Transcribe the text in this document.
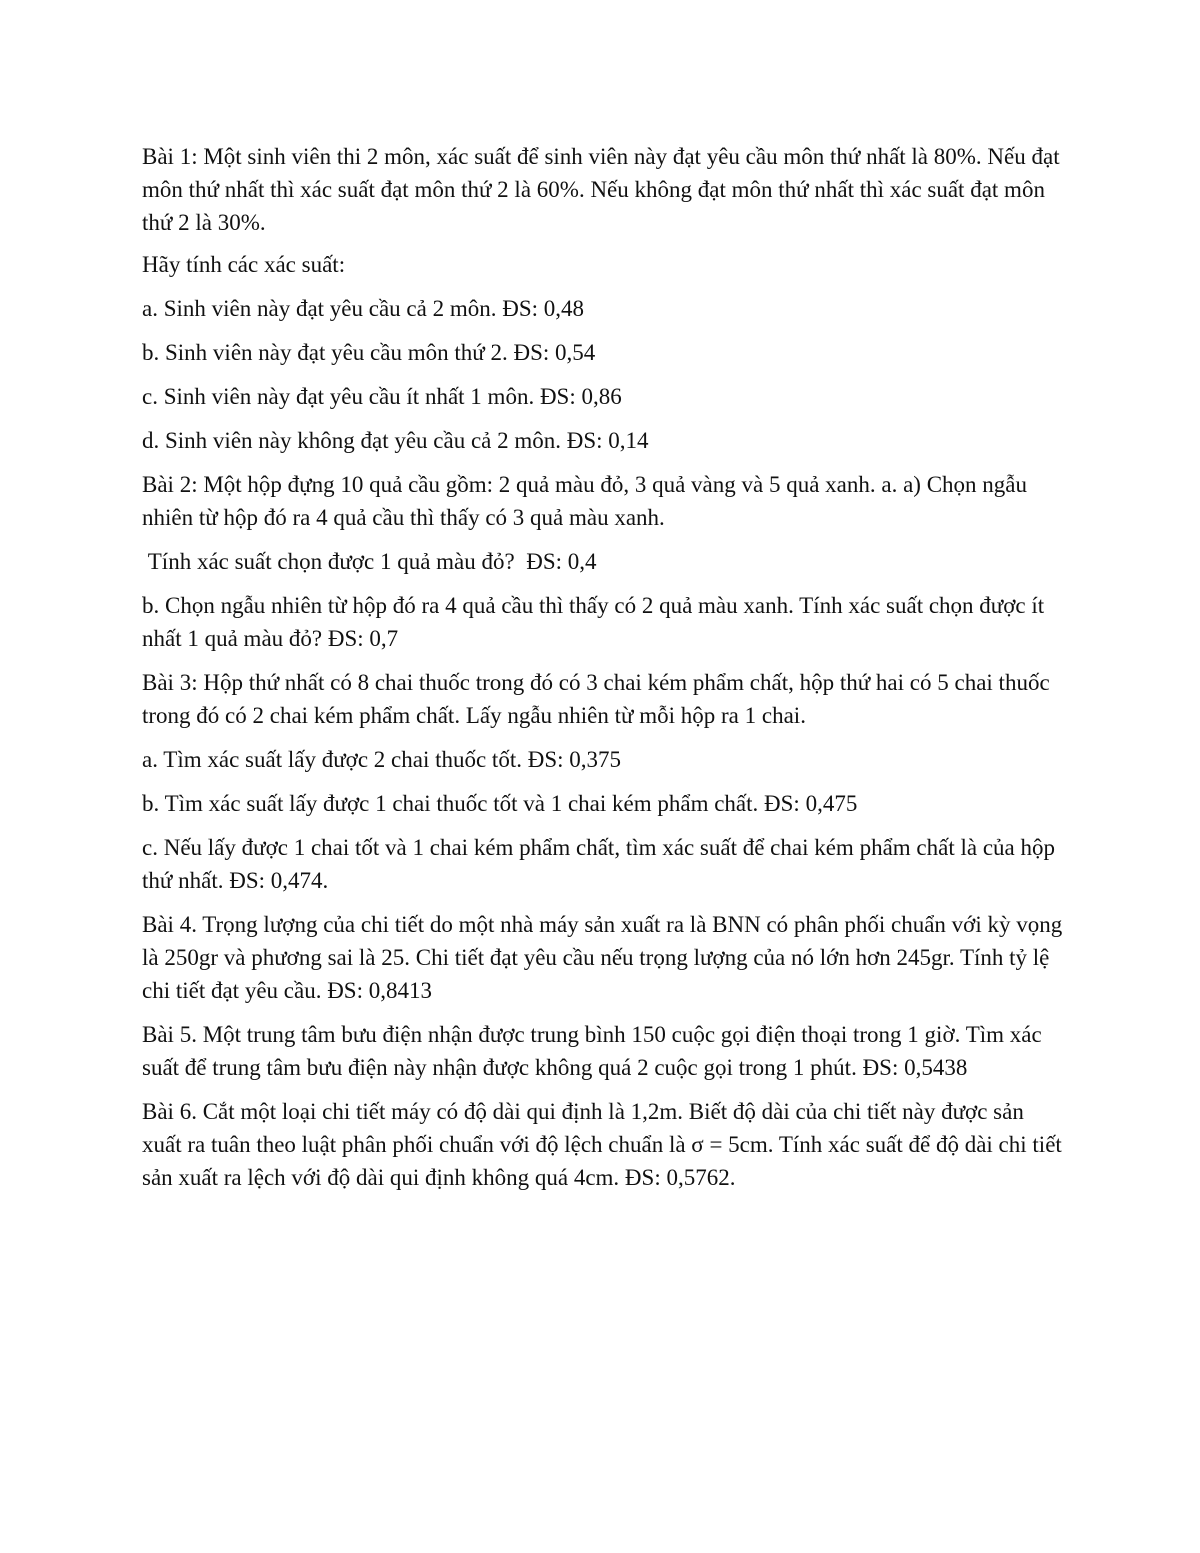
Bài 1: Một sinh viên thi 2 môn, xác suất để sinh viên này đạt yêu cầu môn thứ nhất là 80%. Nếu đạt môn thứ nhất thì xác suất đạt môn thứ 2 là 60%. Nếu không đạt môn thứ nhất thì xác suất đạt môn thứ 2 là 30%.

Hãy tính các xác suất:

a. Sinh viên này đạt yêu cầu cả 2 môn. ĐS: 0,48

b. Sinh viên này đạt yêu cầu môn thứ 2. ĐS: 0,54

c. Sinh viên này đạt yêu cầu ít nhất 1 môn. ĐS: 0,86

d. Sinh viên này không đạt yêu cầu cả 2 môn. ĐS: 0,14

Bài 2: Một hộp đựng 10 quả cầu gồm: 2 quả màu đỏ, 3 quả vàng và 5 quả xanh. a. a) Chọn ngẫu nhiên từ hộp đó ra 4 quả cầu thì thấy có 3 quả màu xanh.

Tính xác suất chọn được 1 quả màu đỏ?  ĐS: 0,4

b. Chọn ngẫu nhiên từ hộp đó ra 4 quả cầu thì thấy có 2 quả màu xanh. Tính xác suất chọn được ít nhất 1 quả màu đỏ? ĐS: 0,7

Bài 3: Hộp thứ nhất có 8 chai thuốc trong đó có 3 chai kém phẩm chất, hộp thứ hai có 5 chai thuốc trong đó có 2 chai kém phẩm chất. Lấy ngẫu nhiên từ mỗi hộp ra 1 chai.

a. Tìm xác suất lấy được 2 chai thuốc tốt. ĐS: 0,375

b. Tìm xác suất lấy được 1 chai thuốc tốt và 1 chai kém phẩm chất. ĐS: 0,475

c. Nếu lấy được 1 chai tốt và 1 chai kém phẩm chất, tìm xác suất để chai kém phẩm chất là của hộp thứ nhất. ĐS: 0,474.

Bài 4. Trọng lượng của chi tiết do một nhà máy sản xuất ra là BNN có phân phối chuẩn với kỳ vọng là 250gr và phương sai là 25. Chi tiết đạt yêu cầu nếu trọng lượng của nó lớn hơn 245gr. Tính tỷ lệ chi tiết đạt yêu cầu. ĐS: 0,8413

Bài 5. Một trung tâm bưu điện nhận được trung bình 150 cuộc gọi điện thoại trong 1 giờ. Tìm xác suất để trung tâm bưu điện này nhận được không quá 2 cuộc gọi trong 1 phút. ĐS: 0,5438

Bài 6. Cắt một loại chi tiết máy có độ dài qui định là 1,2m. Biết độ dài của chi tiết này được sản xuất ra tuân theo luật phân phối chuẩn với độ lệch chuẩn là σ = 5cm. Tính xác suất để độ dài chi tiết sản xuất ra lệch với độ dài qui định không quá 4cm. ĐS: 0,5762.
